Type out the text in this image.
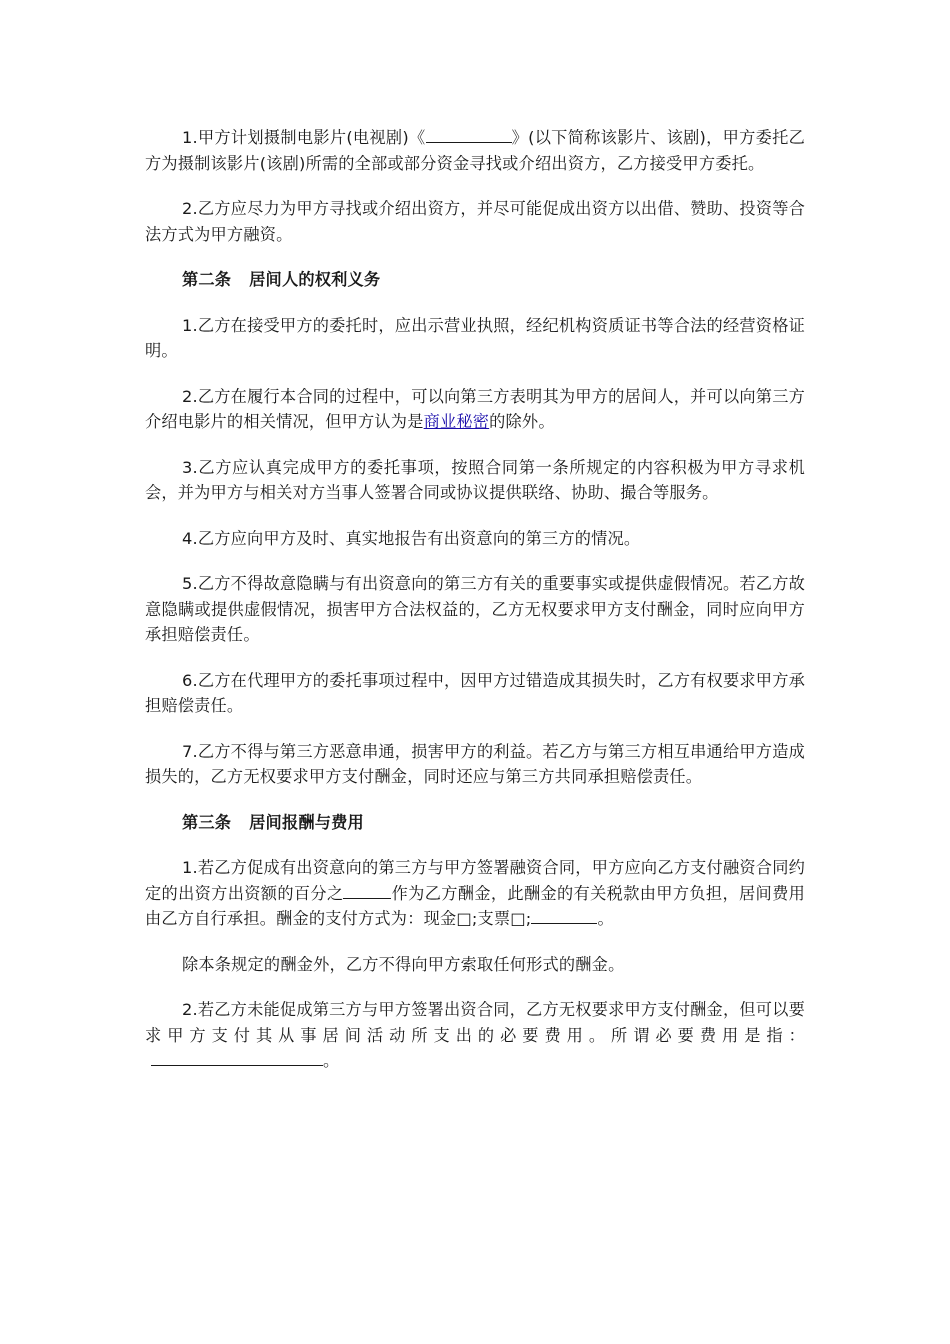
1.甲方计划摄制电影片(电视剧)《	》(以下简称该影片、该剧)，甲方委托乙方为摄制该影片(该剧)所需的全部或部分资金寻找或介绍出资方，乙方接受甲方委托。

2.乙方应尽力为甲方寻找或介绍出资方，并尽可能促成出资方以出借、赞助、投资等合法方式为甲方融资。

第二条 居间人的权利义务

1.乙方在接受甲方的委托时，应出示营业执照，经纪机构资质证书等合法的经营资格证明。

2.乙方在履行本合同的过程中，可以向第三方表明其为甲方的居间人，并可以向第三方介绍电影片的相关情况，但甲方认为是商业秘密的除外。

3.乙方应认真完成甲方的委托事项，按照合同第一条所规定的内容积极为甲方寻求机会，并为甲方与相关对方当事人签署合同或协议提供联络、协助、撮合等服务。

4.乙方应向甲方及时、真实地报告有出资意向的第三方的情况。

5.乙方不得故意隐瞒与有出资意向的第三方有关的重要事实或提供虚假情况。若乙方故意隐瞒或提供虚假情况，损害甲方合法权益的，乙方无权要求甲方支付酬金，同时应向甲方承担赔偿责任。

6.乙方在代理甲方的委托事项过程中，因甲方过错造成其损失时，乙方有权要求甲方承担赔偿责任。

7.乙方不得与第三方恶意串通，损害甲方的利益。若乙方与第三方相互串通给甲方造成损失的，乙方无权要求甲方支付酬金，同时还应与第三方共同承担赔偿责任。

第三条 居间报酬与费用

1.若乙方促成有出资意向的第三方与甲方签署融资合同，甲方应向乙方支付融资合同约定的出资方出资额的百分之	作为乙方酬金，此酬金的有关税款由甲方负担，居间费用由乙方自行承担。酬金的支付方式为：现金□;支票□;	。

除本条规定的酬金外，乙方不得向甲方索取任何形式的酬金。

2.若乙方未能促成第三方与甲方签署出资合同，乙方无权要求甲方支付酬金，但可以要求甲方支付其从事居间活动所支出的必要费用。所谓必要费用是指：。
